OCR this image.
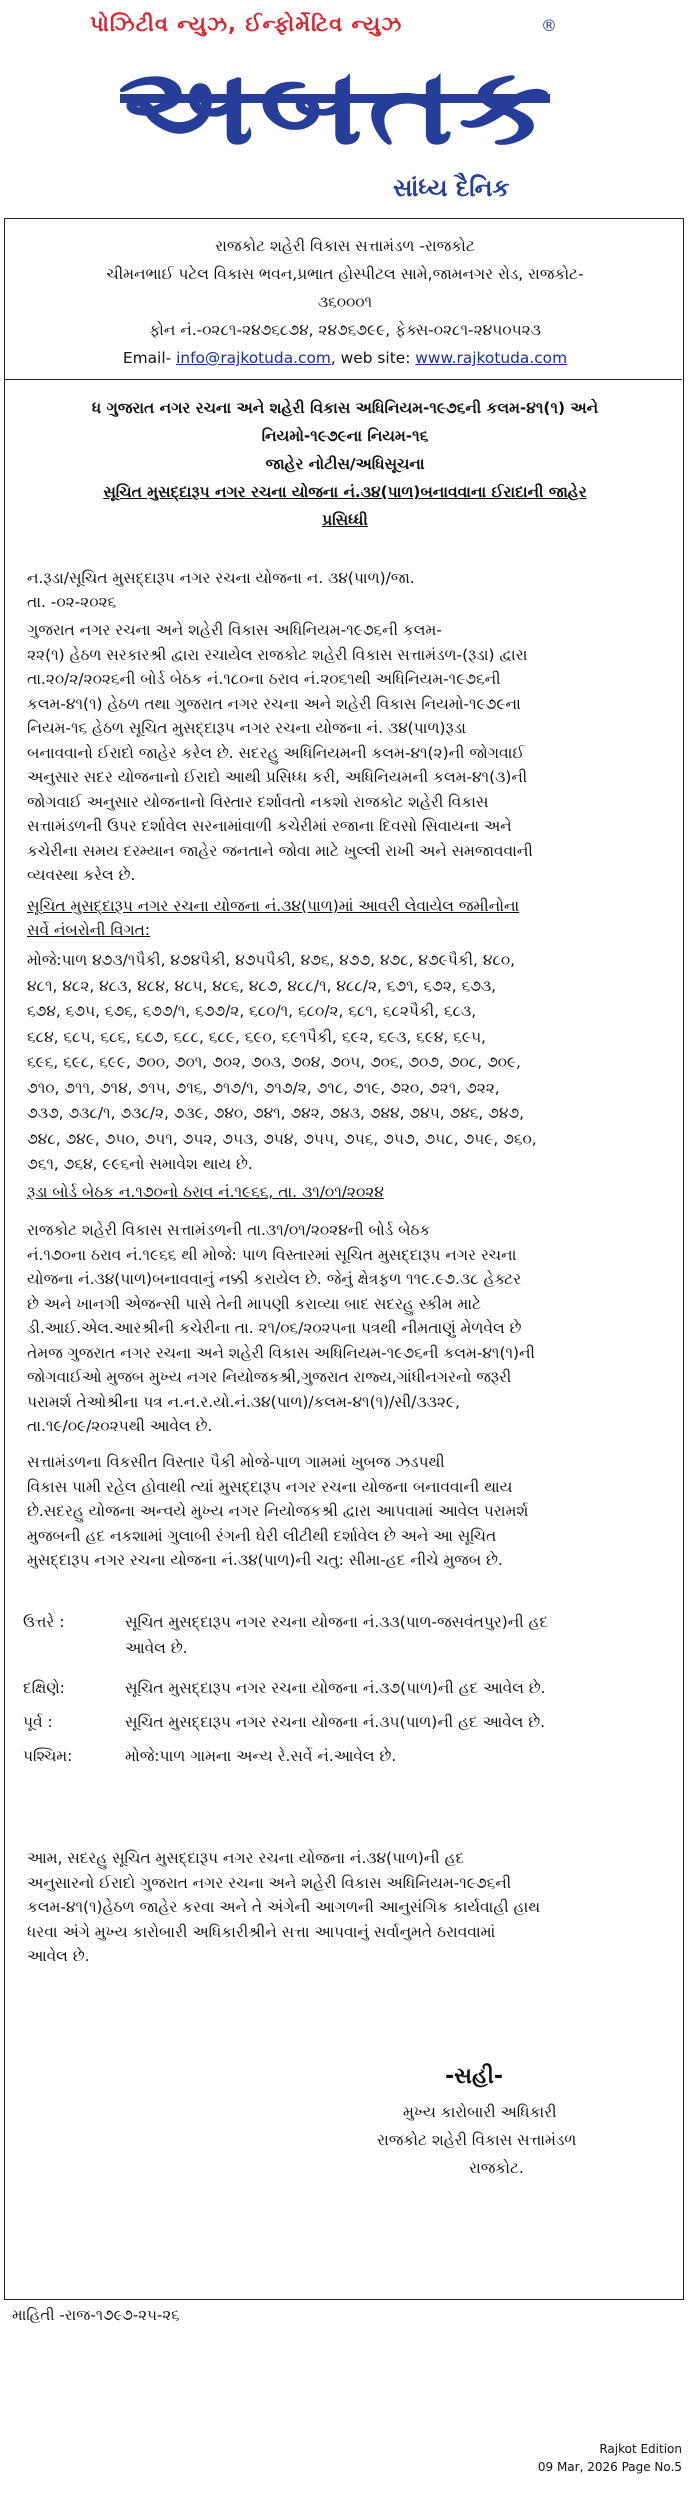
પોઝિટીવ ન્યુઝ, ઈન્ફોર્મેટિવ ન્યુઝ	®
અબતક
સાંધ્ય દૈનિક
રાજકોટ શહેરી વિકાસ સત્તામંડળ -રાજકોટ
ચીમનભાઈ પટેલ વિકાસ ભવન,પ્રભાત હોસ્પીટલ સામે,જામનગર રોડ, રાજકોટ-
૩૬૦૦૦૧
ફોન નં.-૦૨૮૧-૨૪૭૬૮૭૪, ૨૪૭૬૭૯૯, ફેક્સ-૦૨૮૧-૨૪૫૦૫૨૩
Email- info@rajkotuda.com, web site: www.rajkotuda.com
ધ ગુજરાત નગર રચના અને શહેરી વિકાસ અધિનિયમ-૧૯૭૬ની કલમ-૪૧(૧) અને
નિયમો-૧૯૭૯ના નિયમ-૧૬
જાહેર નોટીસ/અધિસૂચના
સૂચિત મુસદ્દારૂપ નગર રચના યોજના નં.૩૪(પાળ)બનાવવાના ઈરાદાની જાહેર
પ્રસિધ્ધી
ન.રૂડા/સૂચિત મુસદ્દારૂપ નગર રચના યોજના ન. ૩૪(પાળ)/જા.
તા. -૦૨-૨૦૨૬
ગુજરાત નગર રચના અને શહેરી વિકાસ અધિનિયમ-૧૯૭૬ની કલમ-
૨૨(૧) હેઠળ સરકારશ્રી દ્વારા રચાયેલ રાજકોટ શહેરી વિકાસ સત્તામંડળ-(રૂડા) દ્વારા
તા.૨૦/૨/૨૦૨૬ની બોર્ડ બેઠક નં.૧૮૦ના ઠરાવ નં.૨૦૬૧થી અધિનિયમ-૧૯૭૬ની
કલમ-૪૧(૧) હેઠળ તથા ગુજરાત નગર રચના અને શહેરી વિકાસ નિયમો-૧૯૭૯ના
નિયમ-૧૬ હેઠળ સૂચિત મુસદ્દારૂપ નગર રચના યોજના નં. ૩૪(પાળ)રૂડા
બનાવવાનો ઈરાદો જાહેર કરેલ છે. સદરહુ અધિનિયમની કલમ-૪૧(૨)ની જોગવાઈ
અનુસાર સદર યોજનાનો ઈરાદો આથી પ્રસિધ્ધ કરી, અધિનિયમની કલમ-૪૧(૩)ની
જોગવાઈ અનુસાર યોજનાનો વિસ્તાર દર્શાવતો નકશો રાજકોટ શહેરી વિકાસ
સત્તામંડળની ઉપર દર્શાવેલ સરનામાંવાળી કચેરીમાં રજાના દિવસો સિવાયના અને
કચેરીના સમય દરમ્યાન જાહેર જનતાને જોવા માટે ખુલ્લી રાખી અને સમજાવવાની
વ્યવસ્થા કરેલ છે.
સૂચિત મુસદ્દારૂપ નગર રચના યોજના નં.૩૪(પાળ)માં આવરી લેવાયેલ જમીનોના
સર્વે નંબરોની વિગત:
મોજે:પાળ ૪૭૩/૧પૈકી, ૪૭૪પૈકી, ૪૭૫પૈકી, ૪૭૬, ૪૭૭, ૪૭૮, ૪૭૯પૈકી, ૪૮૦,
૪૮૧, ૪૮૨, ૪૮૩, ૪૮૪, ૪૮૫, ૪૮૬, ૪૮૭, ૪૮૮/૧, ૪૮૮/૨, ૬૭૧, ૬૭૨, ૬૭૩,
૬૭૪, ૬૭૫, ૬૭૬, ૬૭૭/૧, ૬૭૭/૨, ૬૮૦/૧, ૬૮૦/૨, ૬૮૧, ૬૮૨પૈકી, ૬૮૩,
૬૮૪, ૬૮૫, ૬૮૬, ૬૮૭, ૬૮૮, ૬૮૯, ૬૯૦, ૬૯૧પૈકી, ૬૯૨, ૬૯૩, ૬૯૪, ૬૯૫,
૬૯૬, ૬૯૮, ૬૯૯, ૭૦૦, ૭૦૧, ૭૦૨, ૭૦૩, ૭૦૪, ૭૦૫, ૭૦૬, ૭૦૭, ૭૦૮, ૭૦૯,
૭૧૦, ૭૧૧, ૭૧૪, ૭૧૫, ૭૧૬, ૭૧૭/૧, ૭૧૭/૨, ૭૧૮, ૭૧૯, ૭૨૦, ૭૨૧, ૭૨૨,
૭૩૭, ૭૩૮/૧, ૭૩૮/૨, ૭૩૯, ૭૪૦, ૭૪૧, ૭૪૨, ૭૪૩, ૭૪૪, ૭૪૫, ૭૪૬, ૭૪૭,
૭૪૮, ૭૪૯, ૭૫૦, ૭૫૧, ૭૫૨, ૭૫૩, ૭૫૪, ૭૫૫, ૭૫૬, ૭૫૭, ૭૫૮, ૭૫૯, ૭૬૦,
૭૬૧, ૭૬૪, ૯૯૬નો સમાવેશ થાય છે.
રૂડા બોર્ડ બેઠક ન.૧૭૦નો ઠરાવ નં.૧૯૬૬, તા. ૩૧/૦૧/૨૦૨૪
રાજકોટ શહેરી વિકાસ સત્તામંડળની તા.૩૧/૦૧/૨૦૨૪ની બોર્ડ બેઠક
નં.૧૭૦ના ઠરાવ નં.૧૯૬૬ થી મોજે: પાળ વિસ્તારમાં સૂચિત મુસદ્દારૂપ નગર રચના
યોજના નં.૩૪(પાળ)બનાવવાનું નક્કી કરાયેલ છે. જેનું ક્ષેત્રફળ ૧૧૯.૯૭.૩૮ હેક્ટર
છે અને ખાનગી એજન્સી પાસે તેની માપણી કરાવ્યા બાદ સદરહુ સ્કીમ માટે
ડી.આઈ.એલ.આરશ્રીની કચેરીના તા. ૨૧/૦૬/૨૦૨૫ના પત્રથી નીમતાણું મેળવેલ છે
તેમજ ગુજરાત નગર રચના અને શહેરી વિકાસ અધિનિયમ-૧૯૭૬ની કલમ-૪૧(૧)ની
જોગવાઈઓ મુજબ મુખ્ય નગર નિયોજકશ્રી,ગુજરાત રાજ્ય,ગાંધીનગરનો જરૂરી
પરામર્શ તેઓશ્રીના પત્ર ન.ન.ર.યો.નં.૩૪(પાળ)/કલમ-૪૧(૧)/સી/૩૩૨૯,
તા.૧૯/૦૯/૨૦૨૫થી આવેલ છે.
સત્તામંડળના વિકસીત વિસ્તાર પૈકી મોજે-પાળ ગામમાં ખુબજ ઝડપથી
વિકાસ પામી રહેલ હોવાથી ત્યાં મુસદ્દારૂપ નગર રચના યોજના બનાવવાની થાય
છે.સદરહુ યોજના અન્વયે મુખ્ય નગર નિયોજકશ્રી દ્વારા આપવામાં આવેલ પરામર્શ
મુજબની હદ નકશામાં ગુલાબી રંગની ઘેરી લીટીથી દર્શાવેલ છે અને આ સૂચિત
મુસદ્દારૂપ નગર રચના યોજના નં.૩૪(પાળ)ની ચતુ: સીમા-હદ નીચે મુજબ છે.
ઉત્તરે :	સૂચિત મુસદ્દારૂપ નગર રચના યોજના નં.૩૩(પાળ-જસવંતપુર)ની હદ
આવેલ છે.
દક્ષિણે:	સૂચિત મુસદ્દારૂપ નગર રચના યોજના નં.૩૭(પાળ)ની હદ આવેલ છે.
પૂર્વ :	સૂચિત મુસદ્દારૂપ નગર રચના યોજના નં.૩૫(પાળ)ની હદ આવેલ છે.
પશ્ચિમ:	મોજે:પાળ ગામના અન્ય રે.સર્વે નં.આવેલ છે.
આમ, સદરહુ સૂચિત મુસદ્દારૂપ નગર રચના યોજના નં.૩૪(પાળ)ની હદ
અનુસારનો ઈરાદો ગુજરાત નગર રચના અને શહેરી વિકાસ અધિનિયમ-૧૯૭૬ની
કલમ-૪૧(૧)હેઠળ જાહેર કરવા અને તે અંગેની આગળની આનુસંગિક કાર્યવાહી હાથ
ધરવા અંગે મુખ્ય કારોબારી અધિકારીશ્રીને સત્તા આપવાનું સર્વાનુમતે ઠરાવવામાં
આવેલ છે.
-સહી-
મુખ્ય કારોબારી અધિકારી
રાજકોટ શહેરી વિકાસ સત્તામંડળ
રાજકોટ.
માહિતી -રાજ-૧૭૯૭-૨૫-૨૬
Rajkot Edition
09 Mar, 2026 Page No.5
